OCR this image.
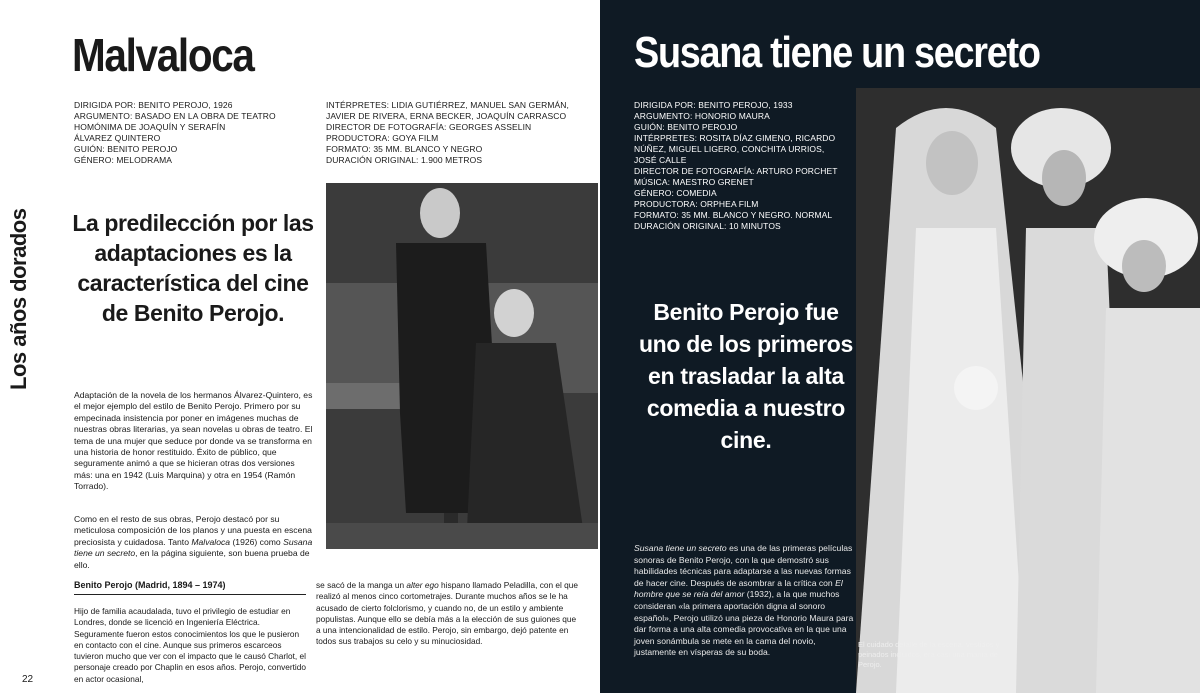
Los años dorados
Malvaloca
DIRIGIDA POR: BENITO PEROJO, 1926
ARGUMENTO: BASADO EN LA OBRA DE TEATRO
HOMÓNIMA DE JOAQUÍN Y SERAFÍN
ÁLVAREZ QUINTERO
GUIÓN: BENITO PEROJO
GÉNERO: MELODRAMA
INTÉRPRETES: LIDIA GUTIÉRREZ, MANUEL SAN GERMÁN,
JAVIER DE RIVERA, ERNA BECKER, JOAQUÍN CARRASCO
DIRECTOR DE FOTOGRAFÍA: GEORGES ASSELIN
PRODUCTORA: GOYA FILM
FORMATO: 35 MM. BLANCO Y NEGRO
DURACIÓN ORIGINAL: 1.900 METROS
La predilección por las adaptaciones es la característica del cine de Benito Perojo.
Adaptación de la novela de los hermanos Álvarez-Quintero, es el mejor ejemplo del estilo de Benito Perojo. Primero por su empecinada insistencia por poner en imágenes muchas de nuestras obras literarias, ya sean novelas u obras de teatro. El tema de una mujer que seduce por donde va se transforma en una historia de honor restituido. Éxito de público, que seguramente animó a que se hicieran otras dos versiones más: una en 1942 (Luis Marquina) y otra en 1954 (Ramón Torrado).
Como en el resto de sus obras, Perojo destacó por su meticulosa composición de los planos y una puesta en escena preciosista y cuidadosa. Tanto Malvaloca (1926) como Susana tiene un secreto, en la página siguiente, son buena prueba de ello.
Benito Perojo (Madrid, 1894 – 1974)
Hijo de familia acaudalada, tuvo el privilegio de estudiar en Londres, donde se licenció en Ingeniería Eléctrica. Seguramente fueron estos conocimientos los que le pusieron en contacto con el cine. Aunque sus primeros escarceos tuvieron mucho que ver con el impacto que le causó Charlot, el personaje creado por Chaplin en esos años. Perojo, convertido en actor ocasional,
se sacó de la manga un alter ego hispano llamado Peladilla, con el que realizó al menos cinco cortometrajes. Durante muchos años se le ha acusado de cierto folclorismo, y cuando no, de un estilo y ambiente populistas. Aunque ello se debía más a la elección de sus guiones que a una intencionalidad de estilo. Perojo, sin embargo, dejó patente en todos sus trabajos su celo y su minuciosidad.
22
Susana tiene un secreto
DIRIGIDA POR: BENITO PEROJO, 1933
ARGUMENTO: HONORIO MAURA
GUIÓN: BENITO PEROJO
INTÉRPRETES: ROSITA DÍAZ GIMENO, RICARDO
NÚÑEZ, MIGUEL LIGERO, CONCHITA URRIOS,
JOSÉ CALLE
DIRECTOR DE FOTOGRAFÍA: ARTURO PORCHET
MÚSICA: MAESTRO GRENET
GÉNERO: COMEDIA
PRODUCTORA: ORPHEA FILM
FORMATO: 35 MM. BLANCO Y NEGRO. NORMAL
DURACIÓN ORIGINAL: 10 MINUTOS
Benito Perojo fue uno de los primeros en trasladar la alta comedia a nuestro cine.
Susana tiene un secreto es una de las primeras películas sonoras de Benito Perojo, con la que demostró sus habilidades técnicas para adaptarse a las nuevas formas de hacer cine. Después de asombrar a la crítica con El hombre que se reía del amor (1932), a la que muchos consideran «la primera aportación digna al sonoro español», Perojo utilizó una pieza de Honorio Maura para dar forma a una alta comedia provocativa en la que una joven sonámbula se mete en la cama del novio, justamente en vísperas de su boda.
El cuidado detalle de la escena, vestidos y peinados incluidos, era casi una manía de Perojo.
